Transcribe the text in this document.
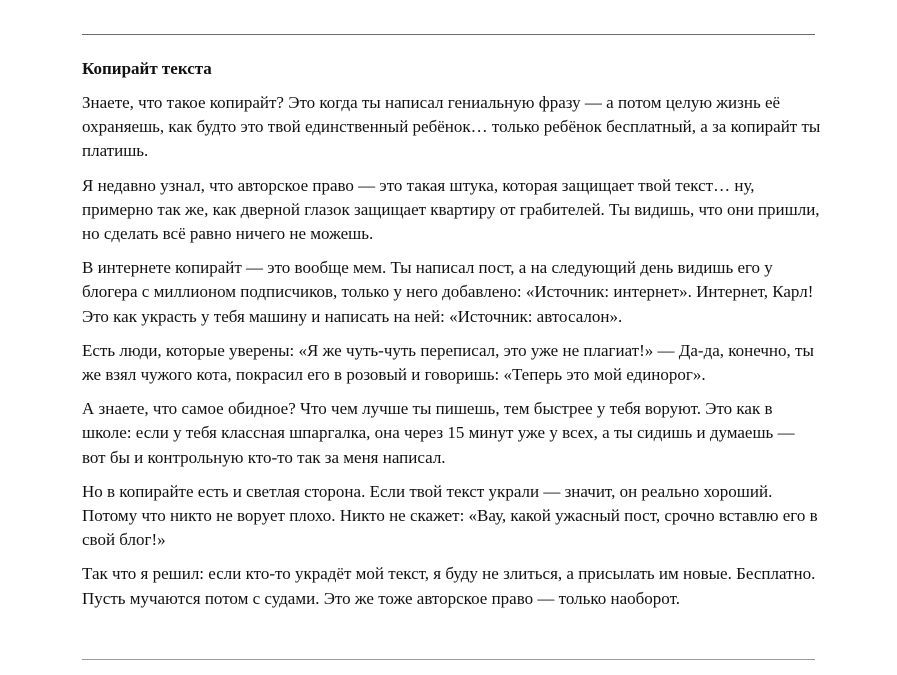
Копирайт текста

Знаете, что такое копирайт? Это когда ты написал гениальную фразу — а потом целую жизнь её охраняешь, как будто это твой единственный ребёнок… только ребёнок бесплатный, а за копирайт ты платишь.

Я недавно узнал, что авторское право — это такая штука, которая защищает твой текст… ну, примерно так же, как дверной глазок защищает квартиру от грабителей. Ты видишь, что они пришли, но сделать всё равно ничего не можешь.

В интернете копирайт — это вообще мем. Ты написал пост, а на следующий день видишь его у блогера с миллионом подписчиков, только у него добавлено: «Источник: интернет». Интернет, Карл! Это как украсть у тебя машину и написать на ней: «Источник: автосалон».

Есть люди, которые уверены: «Я же чуть-чуть переписал, это уже не плагиат!» — Да-да, конечно, ты же взял чужого кота, покрасил его в розовый и говоришь: «Теперь это мой единорог».

А знаете, что самое обидное? Что чем лучше ты пишешь, тем быстрее у тебя воруют. Это как в школе: если у тебя классная шпаргалка, она через 15 минут уже у всех, а ты сидишь и думаешь — вот бы и контрольную кто-то так за меня написал.

Но в копирайте есть и светлая сторона. Если твой текст украли — значит, он реально хороший. Потому что никто не ворует плохо. Никто не скажет: «Вау, какой ужасный пост, срочно вставлю его в свой блог!»

Так что я решил: если кто-то украдёт мой текст, я буду не злиться, а присылать им новые. Бесплатно. Пусть мучаются потом с судами. Это же тоже авторское право — только наоборот.
